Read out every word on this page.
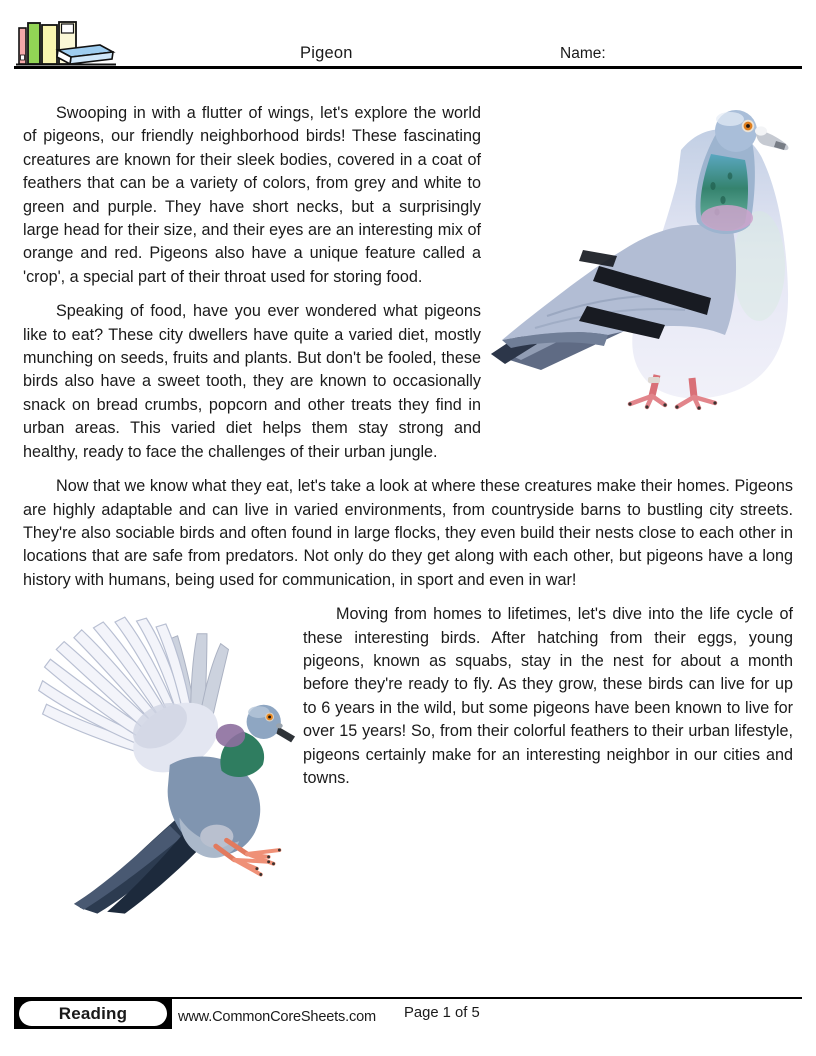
Pigeon	Name:

Swooping in with a flutter of wings, let's explore the world of pigeons, our friendly neighborhood birds! These fascinating creatures are known for their sleek bodies, covered in a coat of feathers that can be a variety of colors, from grey and white to green and purple. They have short necks, but a surprisingly large head for their size, and their eyes are an interesting mix of orange and red. Pigeons also have a unique feature called a 'crop', a special part of their throat used for storing food.

Speaking of food, have you ever wondered what pigeons like to eat? These city dwellers have quite a varied diet, mostly munching on seeds, fruits and plants. But don't be fooled, these birds also have a sweet tooth, they are known to occasionally snack on bread crumbs, popcorn and other treats they find in urban areas. This varied diet helps them stay strong and healthy, ready to face the challenges of their urban jungle.

Now that we know what they eat, let's take a look at where these creatures make their homes. Pigeons are highly adaptable and can live in varied environments, from countryside barns to bustling city streets. They're also sociable birds and often found in large flocks, they even build their nests close to each other in locations that are safe from predators. Not only do they get along with each other, but pigeons have a long history with humans, being used for communication, in sport and even in war!

Moving from homes to lifetimes, let's dive into the life cycle of these interesting birds. After hatching from their eggs, young pigeons, known as squabs, stay in the nest for about a month before they're ready to fly. As they grow, these birds can live for up to 6 years in the wild, but some pigeons have been known to live for over 15 years! So, from their colorful feathers to their urban lifestyle, pigeons certainly make for an interesting neighbor in our cities and towns.

Reading	www.CommonCoreSheets.com Page 1 of 5
